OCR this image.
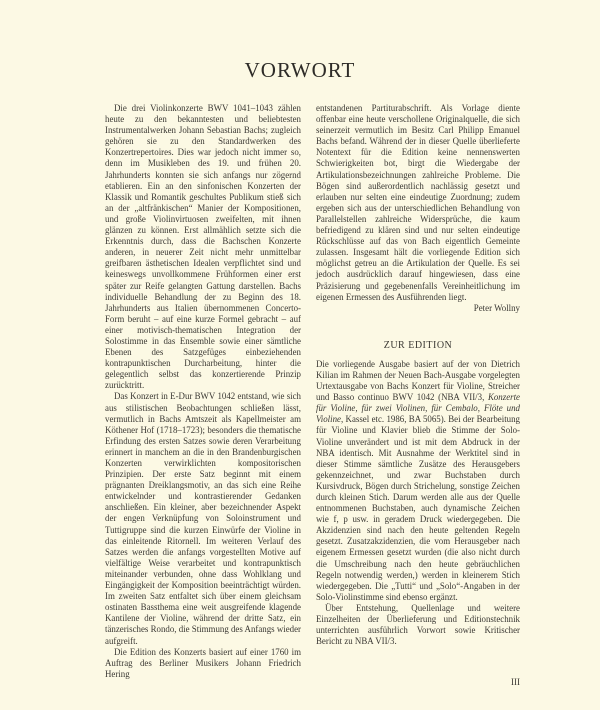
VORWORT

Die drei Violinkonzerte BWV 1041–1043 zählen heute zu den bekanntesten und beliebtesten Instrumentalwerken Johann Sebastian Bachs; zugleich gehören sie zu den Standardwerken des Konzertrepertoires. Dies war jedoch nicht immer so, denn im Musikleben des 19. und frühen 20. Jahrhunderts konnten sie sich anfangs nur zögernd etablieren. Ein an den sinfonischen Konzerten der Klassik und Romantik geschultes Publikum stieß sich an der „altfränkischen“ Manier der Kompositionen, und große Violinvirtuosen zweifelten, mit ihnen glänzen zu können. Erst allmählich setzte sich die Erkenntnis durch, dass die Bachschen Konzerte anderen, in neuerer Zeit nicht mehr unmittelbar greifbaren ästhetischen Idealen verpflichtet sind und keineswegs unvollkommene Frühformen einer erst später zur Reife gelangten Gattung darstellen. Bachs individuelle Behandlung der zu Beginn des 18. Jahrhunderts aus Italien übernommenen Concerto-Form beruht – auf eine kurze Formel gebracht – auf einer motivisch-thematischen Integration der Solostimme in das Ensemble sowie einer sämtliche Ebenen des Satzgefüges einbeziehenden kontrapunktischen Durcharbeitung, hinter die gelegentlich selbst das konzertierende Prinzip zurücktritt.

Das Konzert in E-Dur BWV 1042 entstand, wie sich aus stilistischen Beobachtungen schließen lässt, vermutlich in Bachs Amtszeit als Kapellmeister am Köthener Hof (1718–1723); besonders die thematische Erfindung des ersten Satzes sowie deren Verarbeitung erinnert in manchem an die in den Brandenburgischen Konzerten verwirklichten kompositorischen Prinzipien. Der erste Satz beginnt mit einem prägnanten Dreiklangsmotiv, an das sich eine Reihe entwickelnder und kontrastierender Gedanken anschließen. Ein kleiner, aber bezeichnender Aspekt der engen Verknüpfung von Soloinstrument und Tuttigruppe sind die kurzen Einwürfe der Violine in das einleitende Ritornell. Im weiteren Verlauf des Satzes werden die anfangs vorgestellten Motive auf vielfältige Weise verarbeitet und kontrapunktisch miteinander verbunden, ohne dass Wohlklang und Eingängigkeit der Komposition beeinträchtigt würden. Im zweiten Satz entfaltet sich über einem gleichsam ostinaten Bassthema eine weit ausgreifende klagende Kantilene der Violine, während der dritte Satz, ein tänzerisches Rondo, die Stimmung des Anfangs wieder aufgreift.

Die Edition des Konzerts basiert auf einer 1760 im Auftrag des Berliner Musikers Johann Friedrich Hering

entstandenen Partiturabschrift. Als Vorlage diente offenbar eine heute verschollene Originalquelle, die sich seinerzeit vermutlich im Besitz Carl Philipp Emanuel Bachs befand. Während der in dieser Quelle überlieferte Notentext für die Edition keine nennenswerten Schwierigkeiten bot, birgt die Wiedergabe der Artikulationsbezeichnungen zahlreiche Probleme. Die Bögen sind außerordentlich nachlässig gesetzt und erlauben nur selten eine eindeutige Zuordnung; zudem ergeben sich aus der unterschiedlichen Behandlung von Parallelstellen zahlreiche Widersprüche, die kaum befriedigend zu klären sind und nur selten eindeutige Rückschlüsse auf das von Bach eigentlich Gemeinte zulassen. Insgesamt hält die vorliegende Edition sich möglichst getreu an die Artikulation der Quelle. Es sei jedoch ausdrücklich darauf hingewiesen, dass eine Präzisierung und gegebenenfalls Vereinheitlichung im eigenen Ermessen des Ausführenden liegt.

Peter Wollny
ZUR EDITION

Die vorliegende Ausgabe basiert auf der von Dietrich Kilian im Rahmen der Neuen Bach-Ausgabe vorgelegten Urtextausgabe von Bachs Konzert für Violine, Streicher und Basso continuo BWV 1042 (NBA VII/3, Konzerte für Violine, für zwei Violinen, für Cembalo, Flöte und Violine, Kassel etc. 1986, BA 5065). Bei der Bearbeitung für Violine und Klavier blieb die Stimme der Solo-Violine unverändert und ist mit dem Abdruck in der NBA identisch. Mit Ausnahme der Werktitel sind in dieser Stimme sämtliche Zusätze des Herausgebers gekennzeichnet, und zwar Buchstaben durch Kursivdruck, Bögen durch Strichelung, sonstige Zeichen durch kleinen Stich. Darum werden alle aus der Quelle entnommenen Buchstaben, auch dynamische Zeichen wie f, p usw. in geradem Druck wiedergegeben. Die Akzidenzien sind nach den heute geltenden Regeln gesetzt. Zusatzakzidenzien, die vom Herausgeber nach eigenem Ermessen gesetzt wurden (die also nicht durch die Umschreibung nach den heute gebräuchlichen Regeln notwendig werden,) werden in kleinerem Stich wiedergegeben. Die „Tutti“ und „Solo“-Angaben in der Solo-Violinstimme sind ebenso ergänzt.

Über Entstehung, Quellenlage und weitere Einzelheiten der Überlieferung und Editionstechnik unterrichten ausführlich Vorwort sowie Kritischer Bericht zu NBA VII/3.

III
